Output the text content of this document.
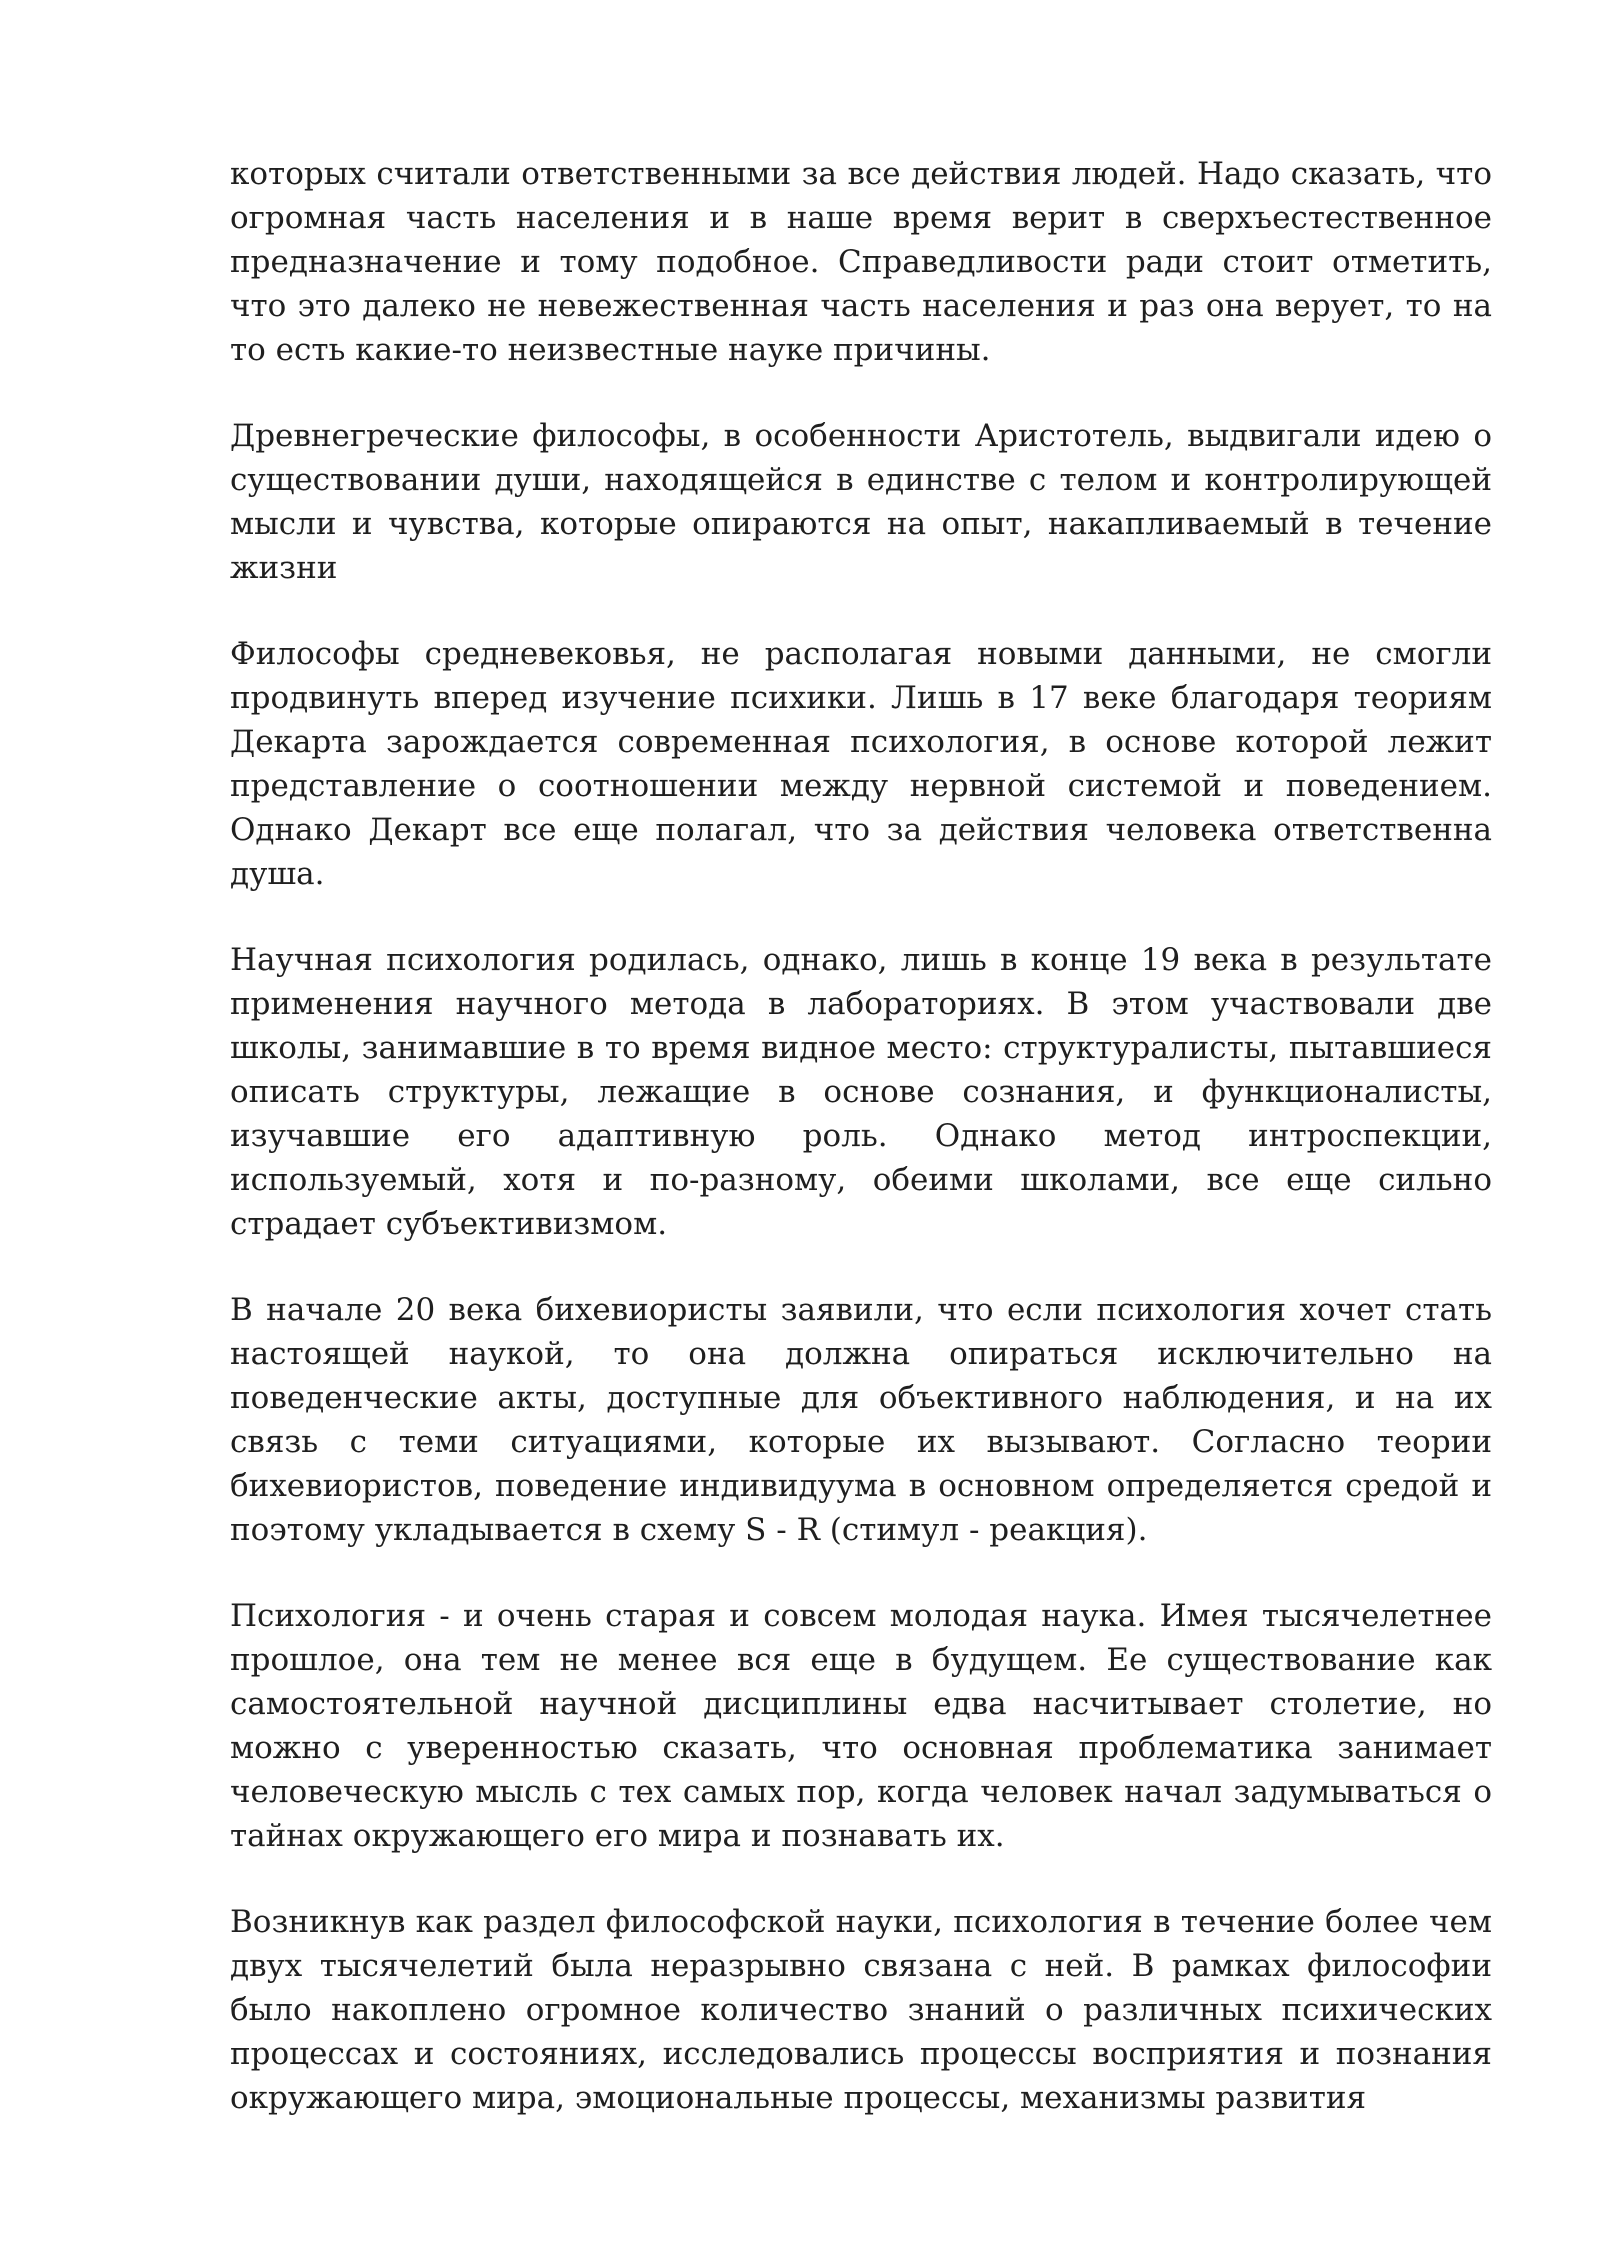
которых считали ответственными за все действия людей. Надо сказать, что огромная часть населения и в наше время верит в сверхъестественное предназначение и тому подобное. Справедливости ради стоит отметить, что это далеко не невежественная часть населения и раз она верует, то на то есть какие-то неизвестные науке причины.

Древнегреческие философы, в особенности Аристотель, выдвигали идею о существовании души, находящейся в единстве с телом и контролирующей мысли и чувства, которые опираются на опыт, накапливаемый в течение жизни

Философы средневековья, не располагая новыми данными, не смогли продвинуть вперед изучение психики. Лишь в 17 веке благодаря теориям Декарта зарождается современная психология, в основе которой лежит представление о соотношении между нервной системой и поведением. Однако Декарт все еще полагал, что за действия человека ответственна душа.

Научная психология родилась, однако, лишь в конце 19 века в результате применения научного метода в лабораториях. В этом участвовали две школы, занимавшие в то время видное место: структуралисты, пытавшиеся описать структуры, лежащие в основе сознания, и функционалисты, изучавшие его адаптивную роль. Однако метод интроспекции, используемый, хотя и по-разному, обеими школами, все еще сильно страдает субъективизмом.

В начале 20 века бихевиористы заявили, что если психология хочет стать настоящей наукой, то она должна опираться исключительно на поведенческие акты, доступные для объективного наблюдения, и на их связь с теми ситуациями, которые их вызывают. Согласно теории бихевиористов, поведение индивидуума в основном определяется средой и поэтому укладывается в схему S - R (стимул - реакция).

Психология - и очень старая и совсем молодая наука. Имея тысячелетнее прошлое, она тем не менее вся еще в будущем. Ее существование как самостоятельной научной дисциплины едва насчитывает столетие, но можно с уверенностью сказать, что основная проблематика занимает человеческую мысль с тех самых пор, когда человек начал задумываться о тайнах окружающего его мира и познавать их.

Возникнув как раздел философской науки, психология в течение более чем двух тысячелетий была неразрывно связана с ней. В рамках философии было накоплено огромное количество знаний о различных психических процессах и состояниях, исследовались процессы восприятия и познания окружающего мира, эмоциональные процессы, механизмы развития
